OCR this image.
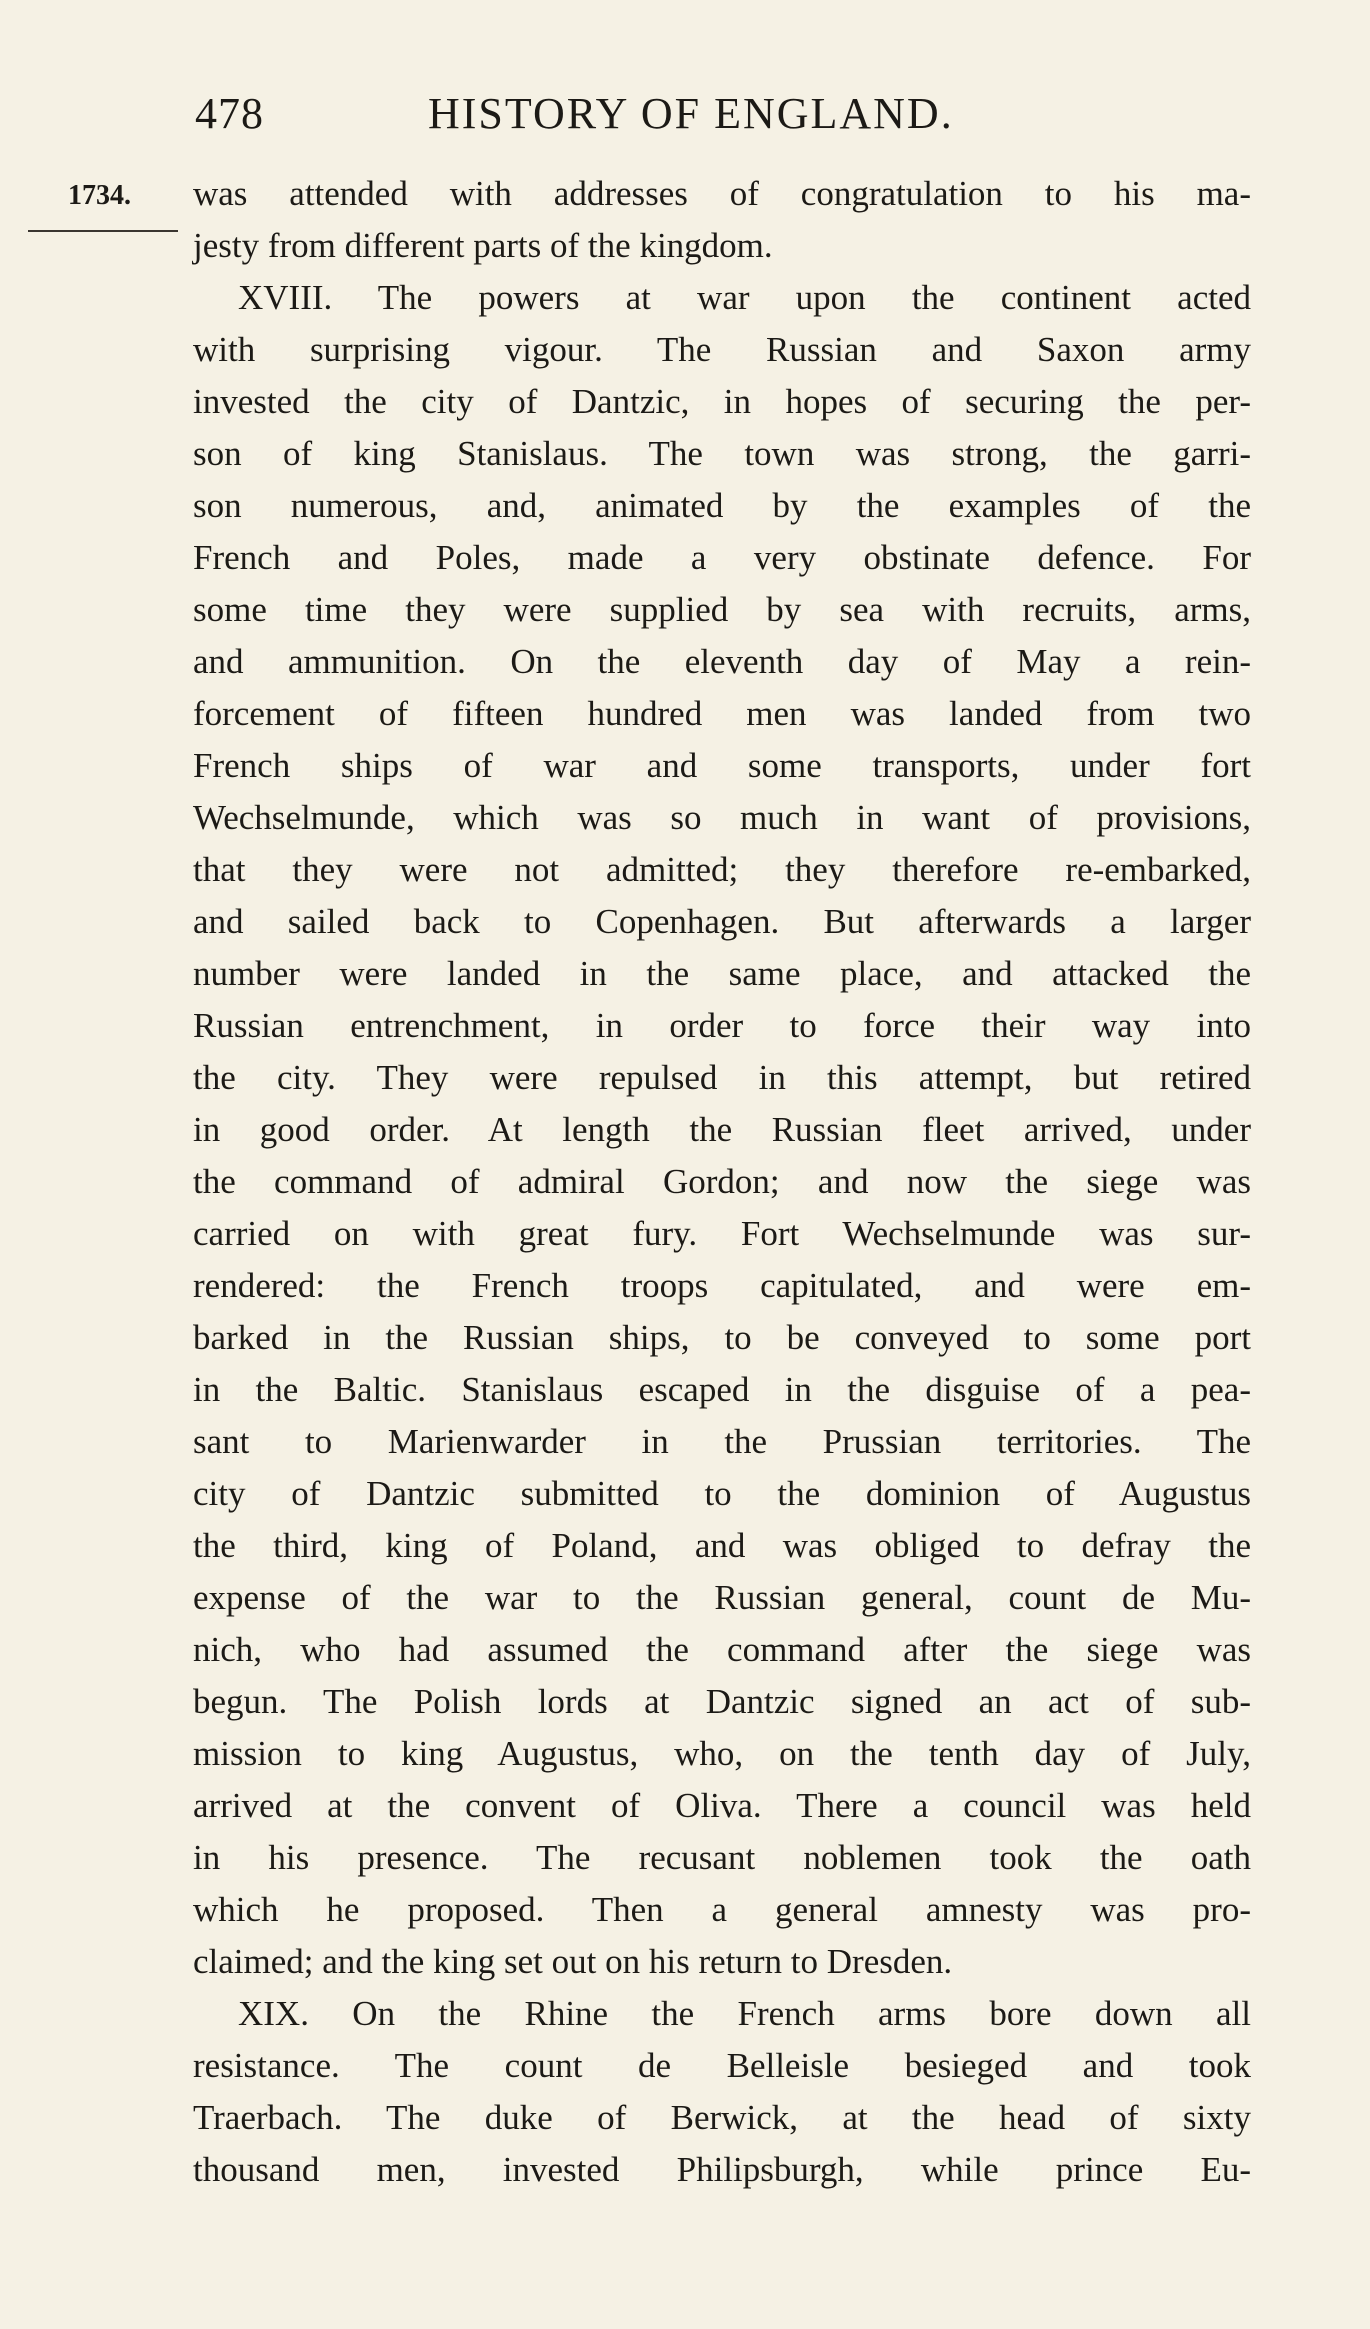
478	HISTORY OF ENGLAND.
1734. was attended with addresses of congratulation to his ma-
jesty from different parts of the kingdom.
XVIII. The powers at war upon the continent acted
with surprising vigour. The Russian and Saxon army
invested the city of Dantzic, in hopes of securing the per-
son of king Stanislaus. The town was strong, the garri-
son numerous, and, animated by the examples of the
French and Poles, made a very obstinate defence. For
some time they were supplied by sea with recruits, arms,
and ammunition. On the eleventh day of May a rein-
forcement of fifteen hundred men was landed from two
French ships of war and some transports, under fort
Wechselmunde, which was so much in want of provisions,
that they were not admitted; they therefore re-embarked,
and sailed back to Copenhagen. But afterwards a larger
number were landed in the same place, and attacked the
Russian entrenchment, in order to force their way into
the city. They were repulsed in this attempt, but retired
in good order. At length the Russian fleet arrived, under
the command of admiral Gordon; and now the siege was
carried on with great fury. Fort Wechselmunde was sur-
rendered: the French troops capitulated, and were em-
barked in the Russian ships, to be conveyed to some port
in the Baltic. Stanislaus escaped in the disguise of a pea-
sant to Marienwarder in the Prussian territories. The
city of Dantzic submitted to the dominion of Augustus
the third, king of Poland, and was obliged to defray the
expense of the war to the Russian general, count de Mu-
nich, who had assumed the command after the siege was
begun. The Polish lords at Dantzic signed an act of sub-
mission to king Augustus, who, on the tenth day of July,
arrived at the convent of Oliva. There a council was held
in his presence. The recusant noblemen took the oath
which he proposed. Then a general amnesty was pro-
claimed; and the king set out on his return to Dresden.
XIX. On the Rhine the French arms bore down all
resistance. The count de Belleisle besieged and took
Traerbach. The duke of Berwick, at the head of sixty
thousand men, invested Philipsburgh, while prince Eu-
